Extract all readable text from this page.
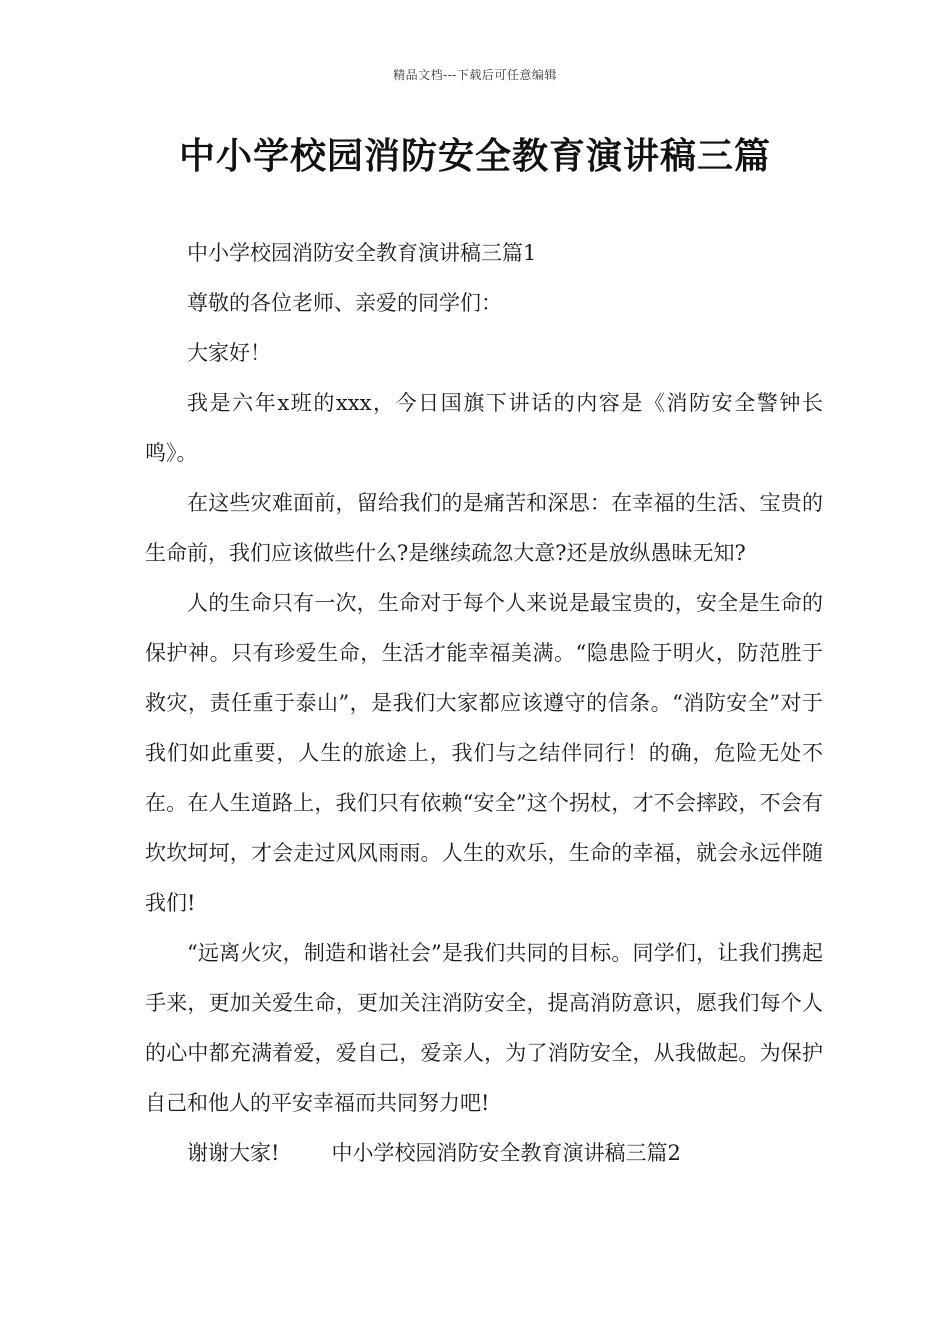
精品文档---下载后可任意编辑
中小学校园消防安全教育演讲稿三篇

中小学校园消防安全教育演讲稿三篇1

尊敬的各位老师、亲爱的同学们：

大家好！

我是六年x班的xxx，今日国旗下讲话的内容是《消防安全警钟长鸣》。

在这些灾难面前，留给我们的是痛苦和深思：在幸福的生活、宝贵的生命前，我们应该做些什么?是继续疏忽大意?还是放纵愚昧无知?

人的生命只有一次，生命对于每个人来说是最宝贵的，安全是生命的保护神。只有珍爱生命，生活才能幸福美满。“隐患险于明火，防范胜于救灾，责任重于泰山”，是我们大家都应该遵守的信条。“消防安全”对于我们如此重要，人生的旅途上，我们与之结伴同行！的确，危险无处不在。在人生道路上，我们只有依赖“安全”这个拐杖，才不会摔跤，不会有坎坎坷坷，才会走过风风雨雨。人生的欢乐，生命的幸福，就会永远伴随我们!

“远离火灾，制造和谐社会”是我们共同的目标。同学们，让我们携起手来，更加关爱生命，更加关注消防安全，提高消防意识，愿我们每个人的心中都充满着爱，爱自己，爱亲人，为了消防安全，从我做起。为保护自己和他人的平安幸福而共同努力吧!

谢谢大家! 中小学校园消防安全教育演讲稿三篇2
